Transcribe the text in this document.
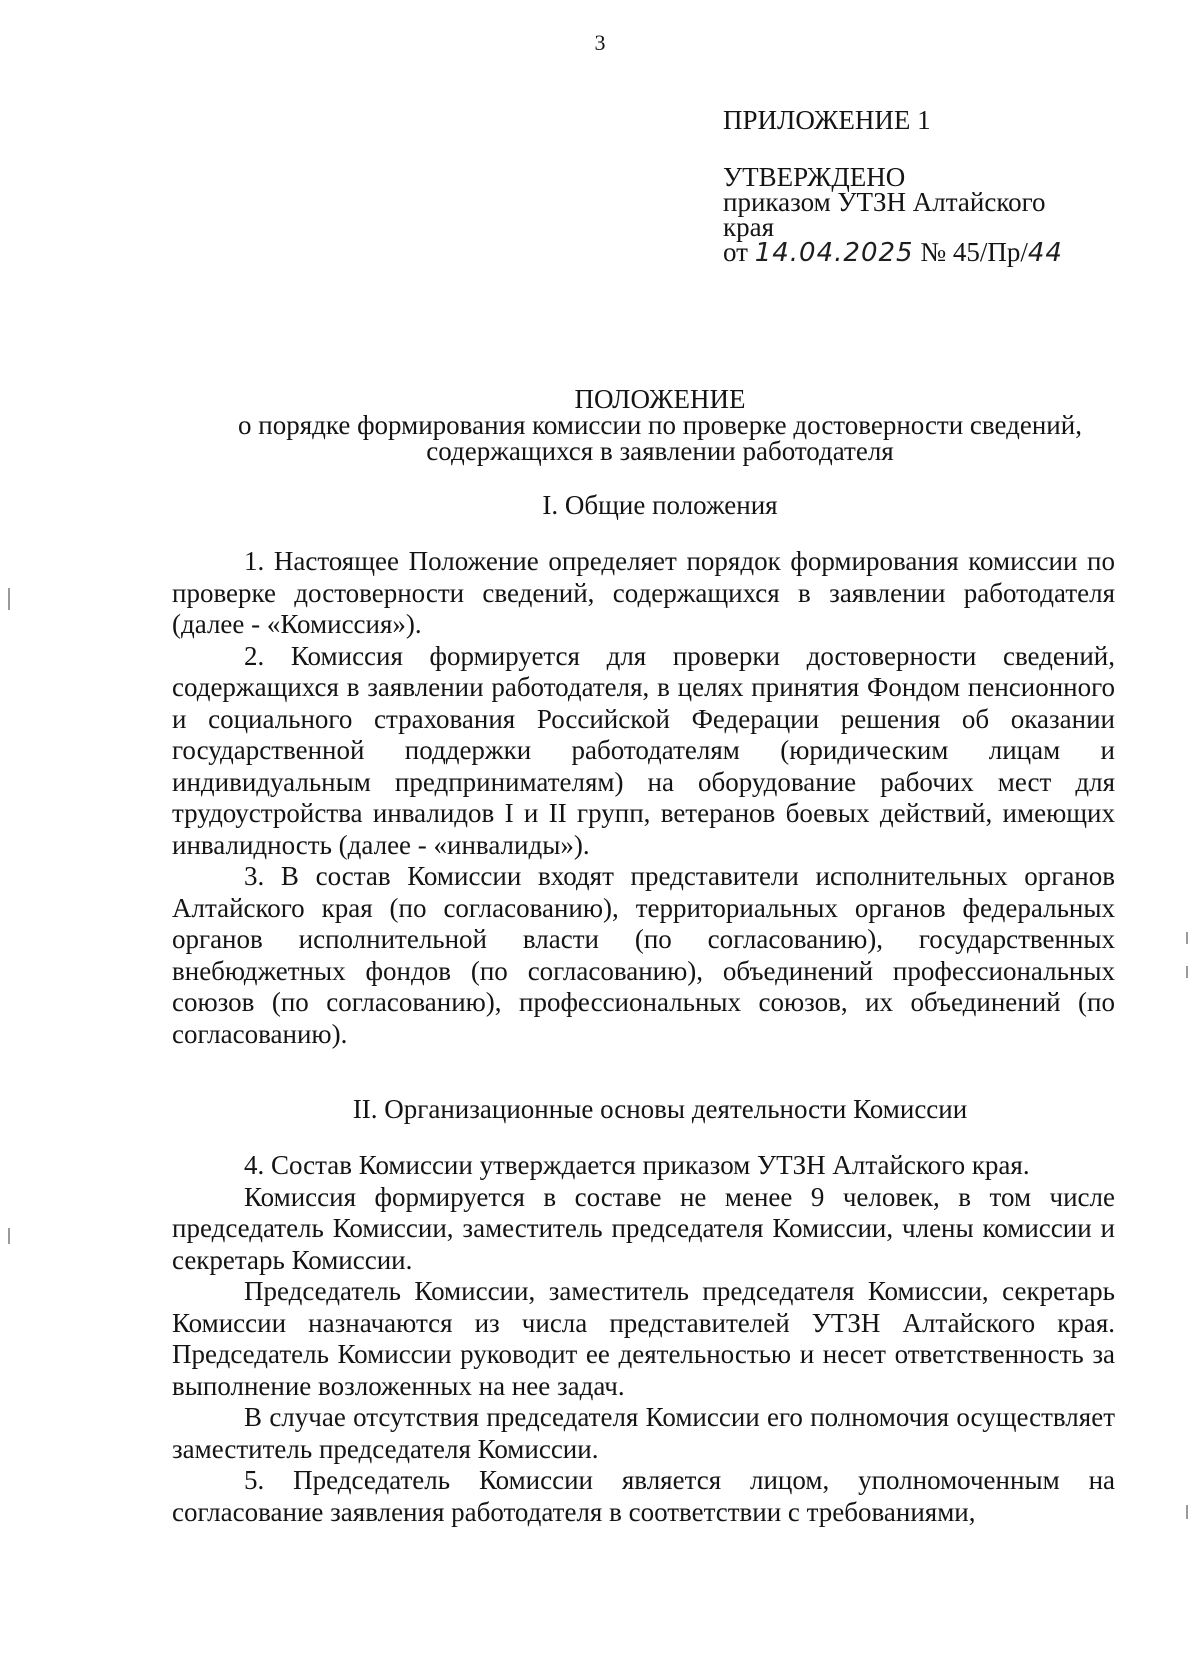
3
ПРИЛОЖЕНИЕ 1
УТВЕРЖДЕНО
приказом УТЗН Алтайского
края
от
14.04.2025
№ 45/Пр/ 44
ПОЛОЖЕНИЕ
о порядке формирования комиссии по проверке достоверности сведений,
содержащихся в заявлении работодателя
I. Общие положения

1. Настоящее Положение определяет порядок формирования комиссии по проверке достоверности сведений, содержащихся в заявлении работодателя (далее - «Комиссия»).

2. Комиссия формируется для проверки достоверности сведений, содержащихся в заявлении работодателя, в целях принятия Фондом пенсионного и социального страхования Российской Федерации решения об оказании государственной поддержки работодателям (юридическим лицам и индивидуальным предпринимателям) на оборудование рабочих мест для трудоустройства инвалидов I и II групп, ветеранов боевых действий, имеющих инвалидность (далее - «инвалиды»).

3. В состав Комиссии входят представители исполнительных органов Алтайского края (по согласованию), территориальных органов федеральных органов исполнительной власти (по согласованию), государственных внебюджетных фондов (по согласованию), объединений профессиональных союзов (по согласованию), профессиональных союзов, их объединений (по согласованию).

II. Организационные основы деятельности Комиссии

4. Состав Комиссии утверждается приказом УТЗН Алтайского края.

Комиссия формируется в составе не менее 9 человек, в том числе председатель Комиссии, заместитель председателя Комиссии, члены комиссии и секретарь Комиссии.

Председатель Комиссии, заместитель председателя Комиссии, секретарь Комиссии назначаются из числа представителей УТЗН Алтайского края. Председатель Комиссии руководит ее деятельностью и несет ответственность за выполнение возложенных на нее задач.

В случае отсутствия председателя Комиссии его полномочия осуществляет заместитель председателя Комиссии.

5. Председатель Комиссии является лицом, уполномоченным на согласование заявления работодателя в соответствии с требованиями,
